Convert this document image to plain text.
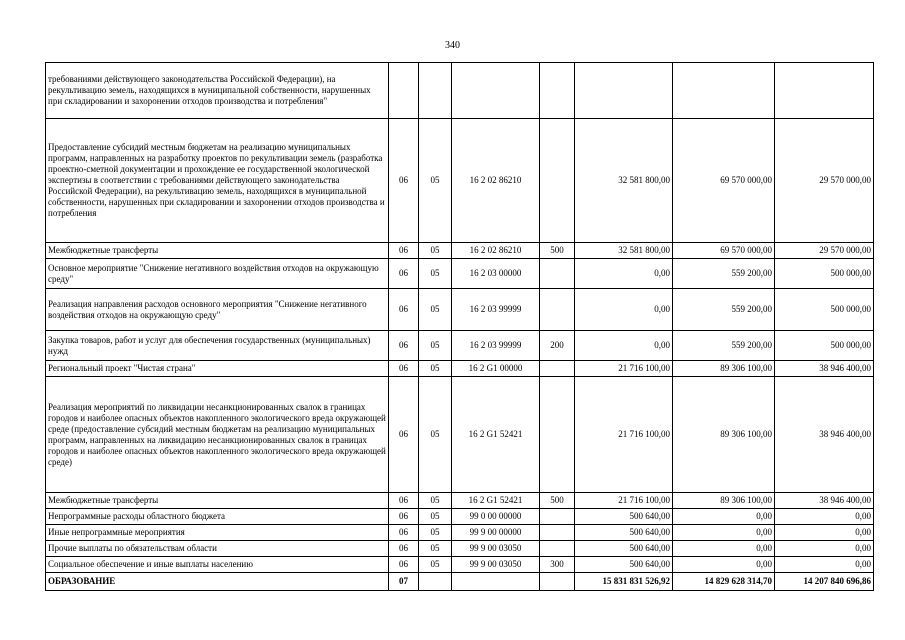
340
требованиями действующего законодательства Российской Федерации), на рекультивацию земель, находящихся в муниципальной собственности, нарушенных при складировании и захоронении отходов производства и потребления"							
Предоставление субсидий местным бюджетам на реализацию муниципальных программ, направленных на разработку проектов по рекультивации земель (разработка проектно-сметной документации и прохождение ее государственной экологической экспертизы в соответствии с требованиями действующего законодательства Российской Федерации), на рекультивацию земель, находящихся в муниципальной собственности, нарушенных при складировании и захоронении отходов производства и потребления	06	05	16 2 02 86210		32 581 800,00	69 570 000,00	29 570 000,00
Межбюджетные трансферты	06	05	16 2 02 86210	500	32 581 800,00	69 570 000,00	29 570 000,00
Основное мероприятие "Снижение негативного воздействия отходов на окружающую среду"	06	05	16 2 03 00000		0,00	559 200,00	500 000,00
Реализация направления расходов основного мероприятия "Снижение негативного воздействия отходов на окружающую среду"	06	05	16 2 03 99999		0,00	559 200,00	500 000,00
Закупка товаров, работ и услуг для обеспечения государственных (муниципальных) нужд	06	05	16 2 03 99999	200	0,00	559 200,00	500 000,00
Региональный проект "Чистая страна"	06	05	16 2 G1 00000		21 716 100,00	89 306 100,00	38 946 400,00
Реализация мероприятий по ликвидации несанкционированных свалок в границах городов и наиболее опасных объектов накопленного экологического вреда окружающей среде (предоставление субсидий местным бюджетам на реализацию муниципальных программ, направленных на ликвидацию несанкционированных свалок в границах городов и наиболее опасных объектов накопленного экологического вреда окружающей среде)	06	05	16 2 G1 52421		21 716 100,00	89 306 100,00	38 946 400,00
Межбюджетные трансферты	06	05	16 2 G1 52421	500	21 716 100,00	89 306 100,00	38 946 400,00
Непрограммные расходы областного бюджета	06	05	99 0 00 00000		500 640,00	0,00	0,00
Иные непрограммные мероприятия	06	05	99 9 00 00000		500 640,00	0,00	0,00
Прочие выплаты по обязательствам области	06	05	99 9 00 03050		500 640,00	0,00	0,00
Социальное обеспечение и иные выплаты населению	06	05	99 9 00 03050	300	500 640,00	0,00	0,00
ОБРАЗОВАНИЕ	07				15 831 831 526,92	14 829 628 314,70	14 207 840 696,86
